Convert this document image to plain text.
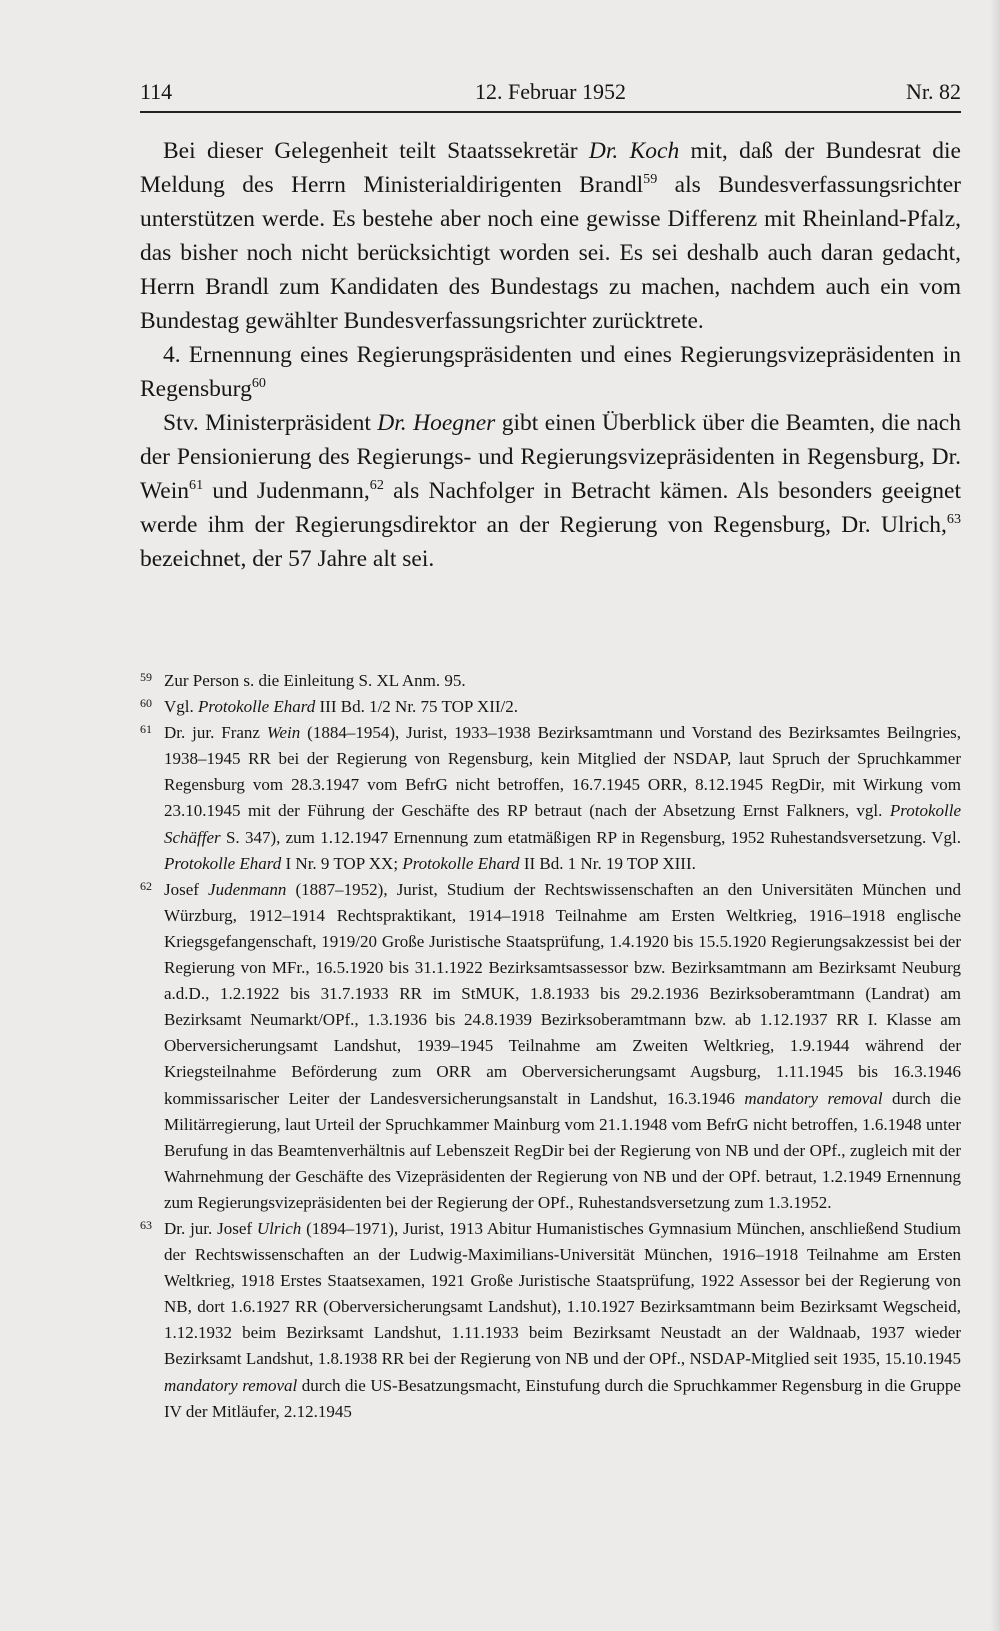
114	12. Februar 1952	Nr. 82

Bei dieser Gelegenheit teilt Staatssekretär Dr. Koch mit, daß der Bundesrat die Meldung des Herrn Ministerialdirigenten Brandl$^{59}$ als Bundesverfassungsrichter unterstützen werde. Es bestehe aber noch eine gewisse Differenz mit Rheinland-Pfalz, das bisher noch nicht berücksichtigt worden sei. Es sei deshalb auch daran gedacht, Herrn Brandl zum Kandidaten des Bundestags zu machen, nachdem auch ein vom Bundestag gewählter Bundesverfassungsrichter zurücktrete.

4. Ernennung eines Regierungspräsidenten und eines Regierungsvizepräsidenten in Regensburg$^{60}$

Stv. Ministerpräsident Dr. Hoegner gibt einen Überblick über die Beamten, die nach der Pensionierung des Regierungs- und Regierungsvizepräsidenten in Regensburg, Dr. Wein$^{61}$ und Judenmann,$^{62}$ als Nachfolger in Betracht kämen. Als besonders geeignet werde ihm der Regierungsdirektor an der Regierung von Regensburg, Dr. Ulrich,$^{63}$ bezeichnet, der 57 Jahre alt sei.

59 Zur Person s. die Einleitung S. XL Anm. 95.

60 Vgl. Protokolle Ehard III Bd. 1/2 Nr. 75 TOP XII/2.

61 Dr. jur. Franz Wein (1884–1954), Jurist, 1933–1938 Bezirksamtmann und Vorstand des Bezirksamtes Beilngries, 1938–1945 RR bei der Regierung von Regensburg, kein Mitglied der NSDAP, laut Spruch der Spruchkammer Regensburg vom 28.3.1947 vom BefrG nicht betroffen, 16.7.1945 ORR, 8.12.1945 RegDir, mit Wirkung vom 23.10.1945 mit der Führung der Geschäfte des RP betraut (nach der Absetzung Ernst Falkners, vgl. Protokolle Schäffer S. 347), zum 1.12.1947 Ernennung zum etatmäßigen RP in Regensburg, 1952 Ruhestandsversetzung. Vgl. Protokolle Ehard I Nr. 9 TOP XX; Protokolle Ehard II Bd. 1 Nr. 19 TOP XIII.

62 Josef Judenmann (1887–1952), Jurist, Studium der Rechtswissenschaften an den Universitäten München und Würzburg, 1912–1914 Rechtspraktikant, 1914–1918 Teilnahme am Ersten Weltkrieg, 1916–1918 englische Kriegsgefangenschaft, 1919/20 Große Juristische Staatsprüfung, 1.4.1920 bis 15.5.1920 Regierungsakzessist bei der Regierung von MFr., 16.5.1920 bis 31.1.1922 Bezirksamtsassessor bzw. Bezirksamtmann am Bezirksamt Neuburg a.d.D., 1.2.1922 bis 31.7.1933 RR im StMUK, 1.8.1933 bis 29.2.1936 Bezirksoberamtmann (Landrat) am Bezirksamt Neumarkt/OPf., 1.3.1936 bis 24.8.1939 Bezirksoberamtmann bzw. ab 1.12.1937 RR I. Klasse am Oberversicherungsamt Landshut, 1939–1945 Teilnahme am Zweiten Weltkrieg, 1.9.1944 während der Kriegsteilnahme Beförderung zum ORR am Oberversicherungsamt Augsburg, 1.11.1945 bis 16.3.1946 kommissarischer Leiter der Landesversicherungsanstalt in Landshut, 16.3.1946 mandatory removal durch die Militärregierung, laut Urteil der Spruchkammer Mainburg vom 21.1.1948 vom BefrG nicht betroffen, 1.6.1948 unter Berufung in das Beamtenverhältnis auf Lebenszeit RegDir bei der Regierung von NB und der OPf., zugleich mit der Wahrnehmung der Geschäfte des Vizepräsidenten der Regierung von NB und der OPf. betraut, 1.2.1949 Ernennung zum Regierungsvizepräsidenten bei der Regierung der OPf., Ruhestandsversetzung zum 1.3.1952.

63 Dr. jur. Josef Ulrich (1894–1971), Jurist, 1913 Abitur Humanistisches Gymnasium München, anschließend Studium der Rechtswissenschaften an der Ludwig-Maximilians-Universität München, 1916–1918 Teilnahme am Ersten Weltkrieg, 1918 Erstes Staatsexamen, 1921 Große Juristische Staatsprüfung, 1922 Assessor bei der Regierung von NB, dort 1.6.1927 RR (Oberversicherungsamt Landshut), 1.10.1927 Bezirksamtmann beim Bezirksamt Wegscheid, 1.12.1932 beim Bezirksamt Landshut, 1.11.1933 beim Bezirksamt Neustadt an der Waldnaab, 1937 wieder Bezirksamt Landshut, 1.8.1938 RR bei der Regierung von NB und der OPf., NSDAP-Mitglied seit 1935, 15.10.1945 mandatory removal durch die US-Besatzungsmacht, Einstufung durch die Spruchkammer Regensburg in die Gruppe IV der Mitläufer, 2.12.1945
